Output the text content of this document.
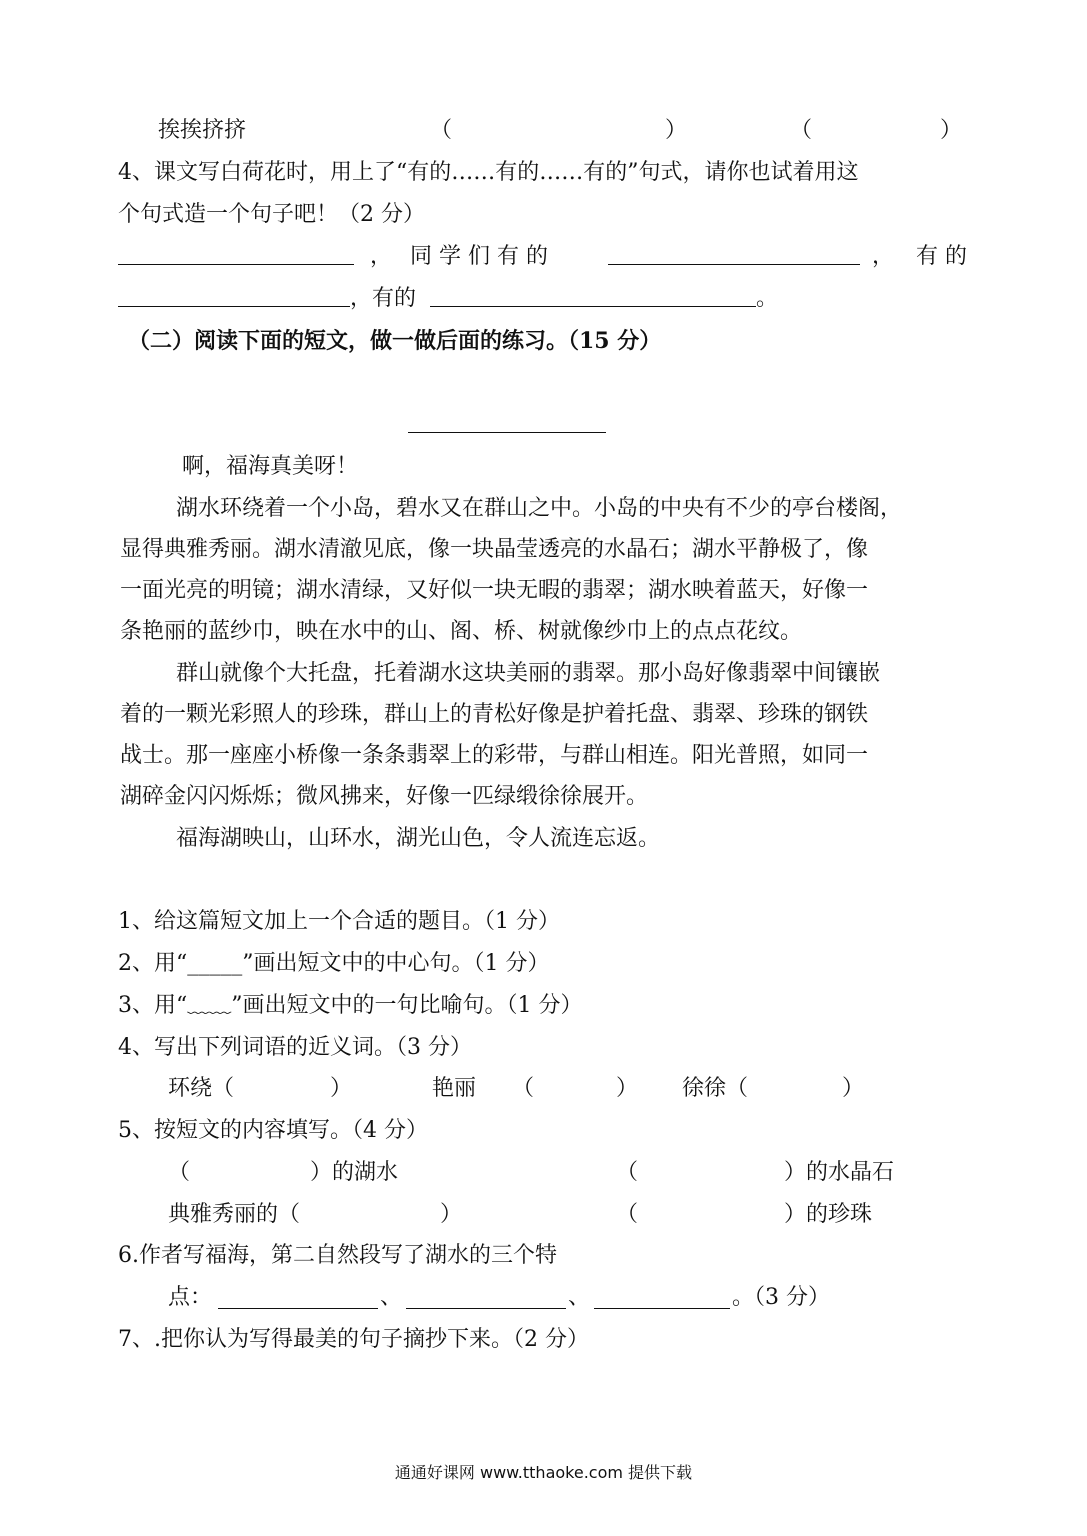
挨挨挤挤	（	）	（	）
4、课文写白荷花时，用上了“有的……有的……有的”句式，请你也试着用这
个句式造一个句子吧！（2 分）
， 同 学 们 有 的	， 有 的
，有的	。
（二）阅读下面的短文，做一做后面的练习。（15 分）
啊，福海真美呀！
湖水环绕着一个小岛，碧水又在群山之中。小岛的中央有不少的亭台楼阁，
显得典雅秀丽。湖水清澈见底，像一块晶莹透亮的水晶石；湖水平静极了，像
一面光亮的明镜；湖水清绿，又好似一块无暇的翡翠；湖水映着蓝天，好像一
条艳丽的蓝纱巾，映在水中的山、阁、桥、树就像纱巾上的点点花纹。
群山就像个大托盘，托着湖水这块美丽的翡翠。那小岛好像翡翠中间镶嵌
着的一颗光彩照人的珍珠，群山上的青松好像是护着托盘、翡翠、珍珠的钢铁
战士。那一座座小桥像一条条翡翠上的彩带，与群山相连。阳光普照，如同一
湖碎金闪闪烁烁；微风拂来，好像一匹绿缎徐徐展开。
福海湖映山，山环水，湖光山色，令人流连忘返。
1、给这篇短文加上一个合适的题目。（1 分）
2、用“_____”画出短文中的中心句。（1 分）
3、用“﹏﹏”画出短文中的一句比喻句。（1 分）
4、写出下列词语的近义词。（3 分）
环绕（	）	艳丽 （	） 徐徐（	）
5、按短文的内容填写。（4 分）
（	）的湖水	（	）的水晶石
典雅秀丽的（	）	（	）的珍珠
6.作者写福海，第二自然段写了湖水的三个特
点：	、	、	。（3 分）
7、.把你认为写得最美的句子摘抄下来。（2 分）
通通好课网 www.tthaoke.com 提供下载
